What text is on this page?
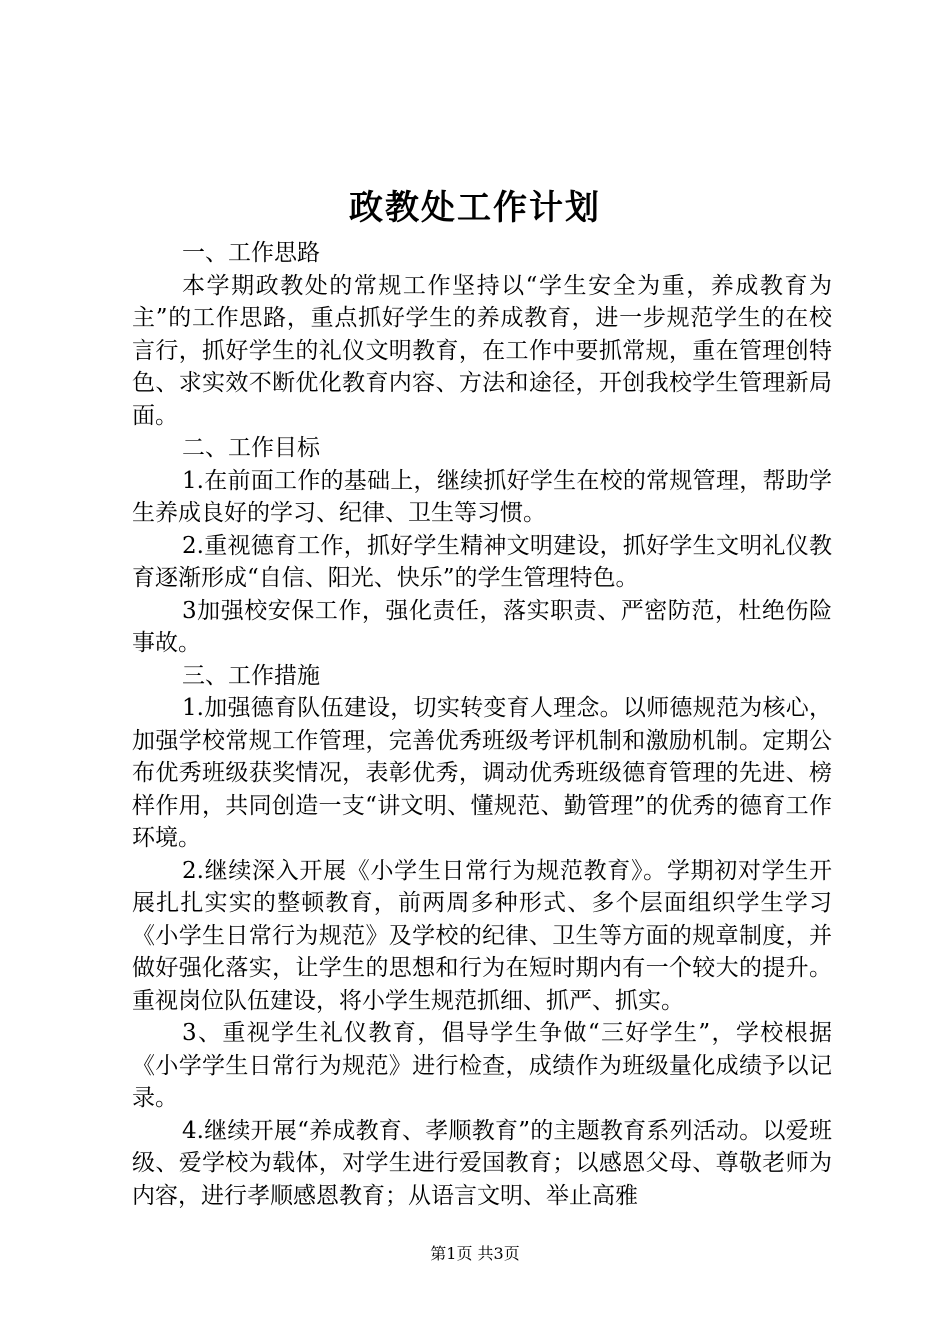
政教处工作计划

一、工作思路

本学期政教处的常规工作坚持以“学生安全为重，养成教育为主”的工作思路，重点抓好学生的养成教育，进一步规范学生的在校言行，抓好学生的礼仪文明教育，在工作中要抓常规，重在管理创特色、求实效不断优化教育内容、方法和途径，开创我校学生管理新局面。

二、工作目标

1.在前面工作的基础上，继续抓好学生在校的常规管理，帮助学生养成良好的学习、纪律、卫生等习惯。

2.重视德育工作，抓好学生精神文明建设，抓好学生文明礼仪教育逐渐形成“自信、阳光、快乐”的学生管理特色。

3加强校安保工作，强化责任，落实职责、严密防范，杜绝伤险事故。

三、工作措施

1.加强德育队伍建设，切实转变育人理念。以师德规范为核心，加强学校常规工作管理，完善优秀班级考评机制和激励机制。定期公布优秀班级获奖情况，表彰优秀，调动优秀班级德育管理的先进、榜样作用，共同创造一支“讲文明、懂规范、勤管理”的优秀的德育工作环境。

2.继续深入开展《小学生日常行为规范教育》。学期初对学生开展扎扎实实的整顿教育，前两周多种形式、多个层面组织学生学习《小学生日常行为规范》及学校的纪律、卫生等方面的规章制度，并做好强化落实，让学生的思想和行为在短时期内有一个较大的提升。重视岗位队伍建设，将小学生规范抓细、抓严、抓实。

3、重视学生礼仪教育，倡导学生争做“三好学生”，学校根据《小学学生日常行为规范》进行检查，成绩作为班级量化成绩予以记录。

4.继续开展“养成教育、孝顺教育”的主题教育系列活动。以爱班级、爱学校为载体，对学生进行爱国教育；以感恩父母、尊敬老师为内容，进行孝顺感恩教育；从语言文明、举止高雅

第1页 共3页
